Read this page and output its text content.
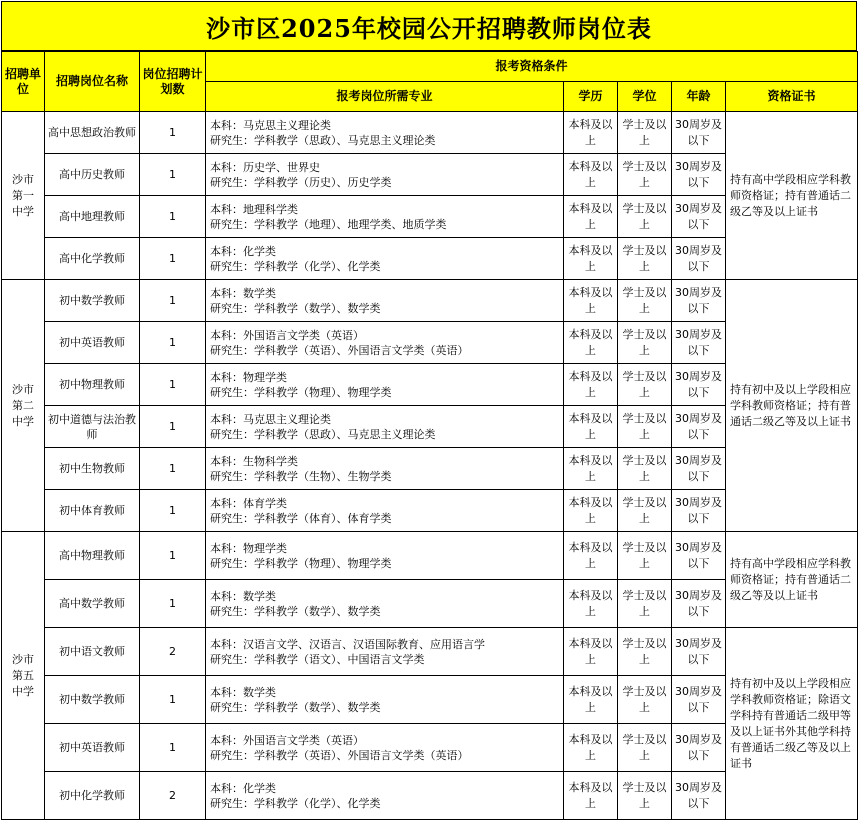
沙市区2025年校园公开招聘教师岗位表
招聘单位	招聘岗位名称	岗位招聘计划数	报考资格条件				
			报考岗位所需专业	学历	学位	年龄	资格证书
沙市第一中学	高中思想政治教师	1	本科：马克思主义理论类
研究生：学科教学（思政）、马克思主义理论类	本科及以上	学士及以上	30周岁及以下	持有高中学段相应学科教师资格证；持有普通话二级乙等及以上证书
	高中历史教师	1	本科：历史学、世界史
研究生：学科教学（历史）、历史学类	本科及以上	学士及以上	30周岁及以下	
	高中地理教师	1	本科：地理科学类
研究生：学科教学（地理）、地理学类、地质学类	本科及以上	学士及以上	30周岁及以下	
	高中化学教师	1	本科：化学类
研究生：学科教学（化学）、化学类	本科及以上	学士及以上	30周岁及以下	
沙市第二中学	初中数学教师	1	本科：数学类
研究生：学科教学（数学）、数学类	本科及以上	学士及以上	30周岁及以下	持有初中及以上学段相应学科教师资格证；持有普通话二级乙等及以上证书
	初中英语教师	1	本科：外国语言文学类（英语）
研究生：学科教学（英语）、外国语言文学类（英语）	本科及以上	学士及以上	30周岁及以下	
	初中物理教师	1	本科：物理学类
研究生：学科教学（物理）、物理学类	本科及以上	学士及以上	30周岁及以下	
	初中道德与法治教师	1	本科：马克思主义理论类
研究生：学科教学（思政）、马克思主义理论类	本科及以上	学士及以上	30周岁及以下	
	初中生物教师	1	本科：生物科学类
研究生：学科教学（生物）、生物学类	本科及以上	学士及以上	30周岁及以下	
	初中体育教师	1	本科：体育学类
研究生：学科教学（体育）、体育学类	本科及以上	学士及以上	30周岁及以下	
沙市第五中学	高中物理教师	1	本科：物理学类
研究生：学科教学（物理）、物理学类	本科及以上	学士及以上	30周岁及以下	持有高中学段相应学科教师资格证；持有普通话二级乙等及以上证书
	高中数学教师	1	本科：数学类
研究生：学科教学（数学）、数学类	本科及以上	学士及以上	30周岁及以下	
	初中语文教师	2	本科：汉语言文学、汉语言、汉语国际教育、应用语言学
研究生：学科教学（语文）、中国语言文学类	本科及以上	学士及以上	30周岁及以下	持有初中及以上学段相应学科教师资格证；除语文学科持有普通话二级甲等及以上证书外其他学科持有普通话二级乙等及以上证书
	初中数学教师	1	本科：数学类
研究生：学科教学（数学）、数学类	本科及以上	学士及以上	30周岁及以下	
	初中英语教师	1	本科：外国语言文学类（英语）
研究生：学科教学（英语）、外国语言文学类（英语）	本科及以上	学士及以上	30周岁及以下	
	初中化学教师	2	本科：化学类
研究生：学科教学（化学）、化学类	本科及以上	学士及以上	30周岁及以下	
